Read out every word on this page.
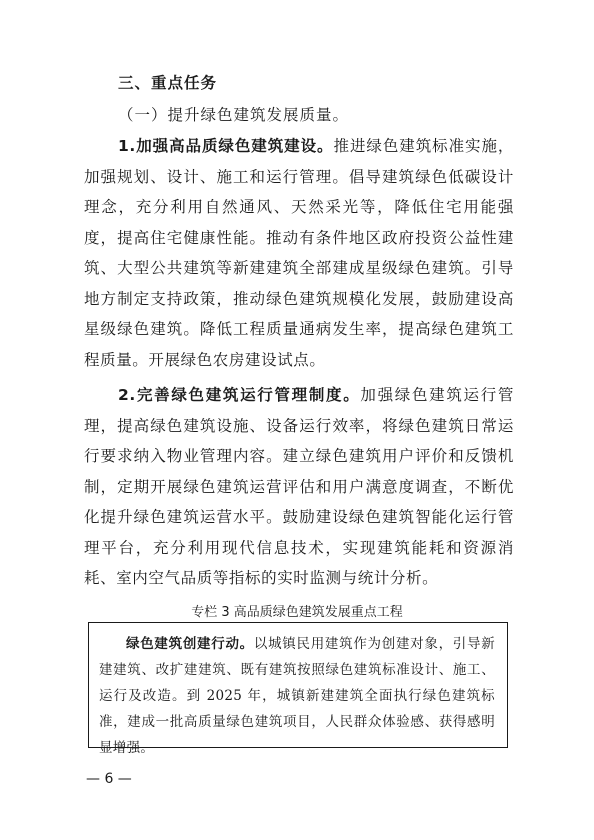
三、重点任务

（一）提升绿色建筑发展质量。

1.加强高品质绿色建筑建设。推进绿色建筑标准实施，加强规划、设计、施工和运行管理。倡导建筑绿色低碳设计理念，充分利用自然通风、天然采光等，降低住宅用能强度，提高住宅健康性能。推动有条件地区政府投资公益性建筑、大型公共建筑等新建建筑全部建成星级绿色建筑。引导地方制定支持政策，推动绿色建筑规模化发展，鼓励建设高星级绿色建筑。降低工程质量通病发生率，提高绿色建筑工程质量。开展绿色农房建设试点。

2.完善绿色建筑运行管理制度。加强绿色建筑运行管理，提高绿色建筑设施、设备运行效率，将绿色建筑日常运行要求纳入物业管理内容。建立绿色建筑用户评价和反馈机制，定期开展绿色建筑运营评估和用户满意度调查，不断优化提升绿色建筑运营水平。鼓励建设绿色建筑智能化运行管理平台，充分利用现代信息技术，实现建筑能耗和资源消耗、室内空气品质等指标的实时监测与统计分析。

专栏 3 高品质绿色建筑发展重点工程

绿色建筑创建行动。以城镇民用建筑作为创建对象，引导新建建筑、改扩建建筑、既有建筑按照绿色建筑标准设计、施工、运行及改造。到 2025 年，城镇新建建筑全面执行绿色建筑标准，建成一批高质量绿色建筑项目，人民群众体验感、获得感明显增强。

— 6 —
